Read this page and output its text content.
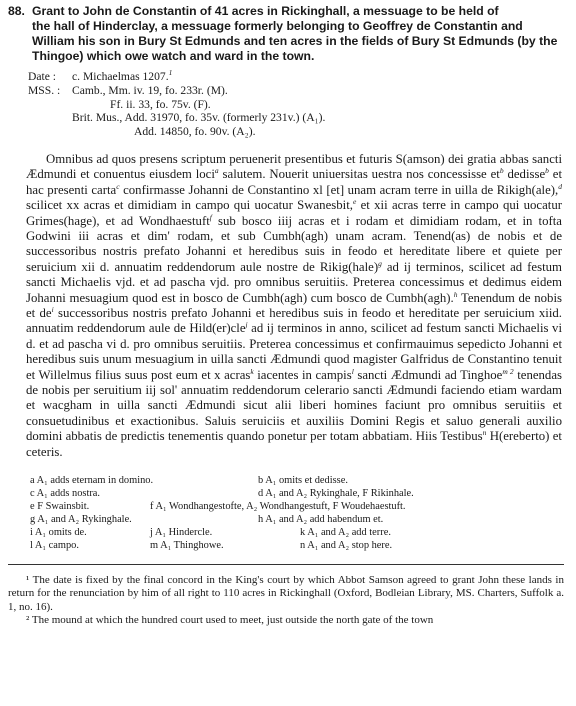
88. Grant to John de Constantin of 41 acres in Rickinghall, a messuage to be held of
the hall of Hinderclay, a messuage formerly belonging to Geoffrey de Constantin and William his son in Bury St Edmunds and ten acres in the fields of Bury St Edmunds (by the Thingoe) which owe watch and ward in the town.
Date :	c. Michaelmas 1207.$^1$
MSS. :	Camb., Mm. iv. 19, fo. 233r. (M).
Ff. ii. 33, fo. 75v. (F).
Brit. Mus., Add. 31970, fo. 35v. (formerly 231v.) (A₁).
Add. 14850, fo. 90v. (A₂).

Omnibus ad quos presens scriptum peruenerit presentibus et futuris S(amson) dei gratia abbas sancti Ædmundi et conuentus eiusdem loci$^a$ salutem. Nouerit uniuersitas uestra nos concessisse $et^b$ dedisse$^b$ et hac presenti carta$^c$ confirmasse Johanni de Constantino xl [et] unam acram terre in uilla de Rikigh(ale),$^d$ scilicet xx acras et dimidiam in campo qui uocatur Swanesbit,$^e$ et xii acras terre in campo qui uocatur Grimes(hage), et ad Wondhaestuft$^f$ sub bosco iiij acras et i rodam et dimidiam rodam, et in tofta Godwini iii acras et dim' rodam, et sub Cumbh(agh) unam acram. Tenend(as) de nobis et de successoribus nostris prefato Johanni et heredibus suis in feodo et hereditate libere et quiete per seruicium xii d. annuatim reddendorum aule nostre de Rikig(hale)$^g$ ad ij terminos, scilicet ad festum sancti Michaelis vjd. et ad pascha vjd. pro omnibus seruitiis. Preterea concessimus et dedimus eidem Johanni mesuagium quod est in bosco de Cumbh(agh) cum bosco de Cumbh(agh).$^h$ Tenendum de nobis et $de^i$ successoribus nostris prefato Johanni et heredibus suis in feodo et hereditate per seruicium xiid. annuatim reddendorum aule de Hild(er)cle$^j$ ad ij terminos in anno, scilicet ad festum sancti Michaelis vi d. et ad pascha vi d. pro omnibus seruitiis. Preterea concessimus et confirmauimus sepedicto Johanni et heredibus suis unum mesuagium in uilla sancti Ædmundi quod magister Galfridus de Constantino tenuit et Willelmus filius suus post eum et x acras$^k$ iacentes in campis$^l$ sancti Ædmundi ad Tinghoe$^{m 2}$ tenendas de nobis per seruitium iij sol' annuatim reddendorum celerario sancti Ædmundi faciendo etiam wardam et wacgham in uilla sancti Ædmundi sicut alii liberi homines faciunt pro omnibus seruitiis et consuetudinibus et exactionibus. Saluis seruiciis et auxiliis Domini Regis et saluo generali auxilio domini abbatis de predictis tenementis quando ponetur per totam abbatiam. Hiis Testibus$^n$ H(ereberto) et ceteris.

a A₁ adds eternam in domino.	b A₁ omits et dedisse.
c A₁ adds nostra.	d A₁ and A₂ Rykinghale, F Rikinhale.
e F Swainsbit.	f A₁ Wondhangestofte, A₂ Wondhangestuft, F Woudehaestuft.
g A₁ and A₂ Rykinghale.	h A₁ and A₂ add habendum et.
i A₁ omits de.	j A₁ Hindercle.	k A₁ and A₂ add terre.
l A₁ campo.	m A₁ Thinghowe.	n A₁ and A₂ stop here.

¹ The date is fixed by the final concord in the King's court by which Abbot Samson agreed to grant John these lands in return for the renunciation by him of all right to 110 acres in Rickinghall (Oxford, Bodleian Library, MS. Charters, Suffolk a. 1, no. 16).

² The mound at which the hundred court used to meet, just outside the north gate of the town
